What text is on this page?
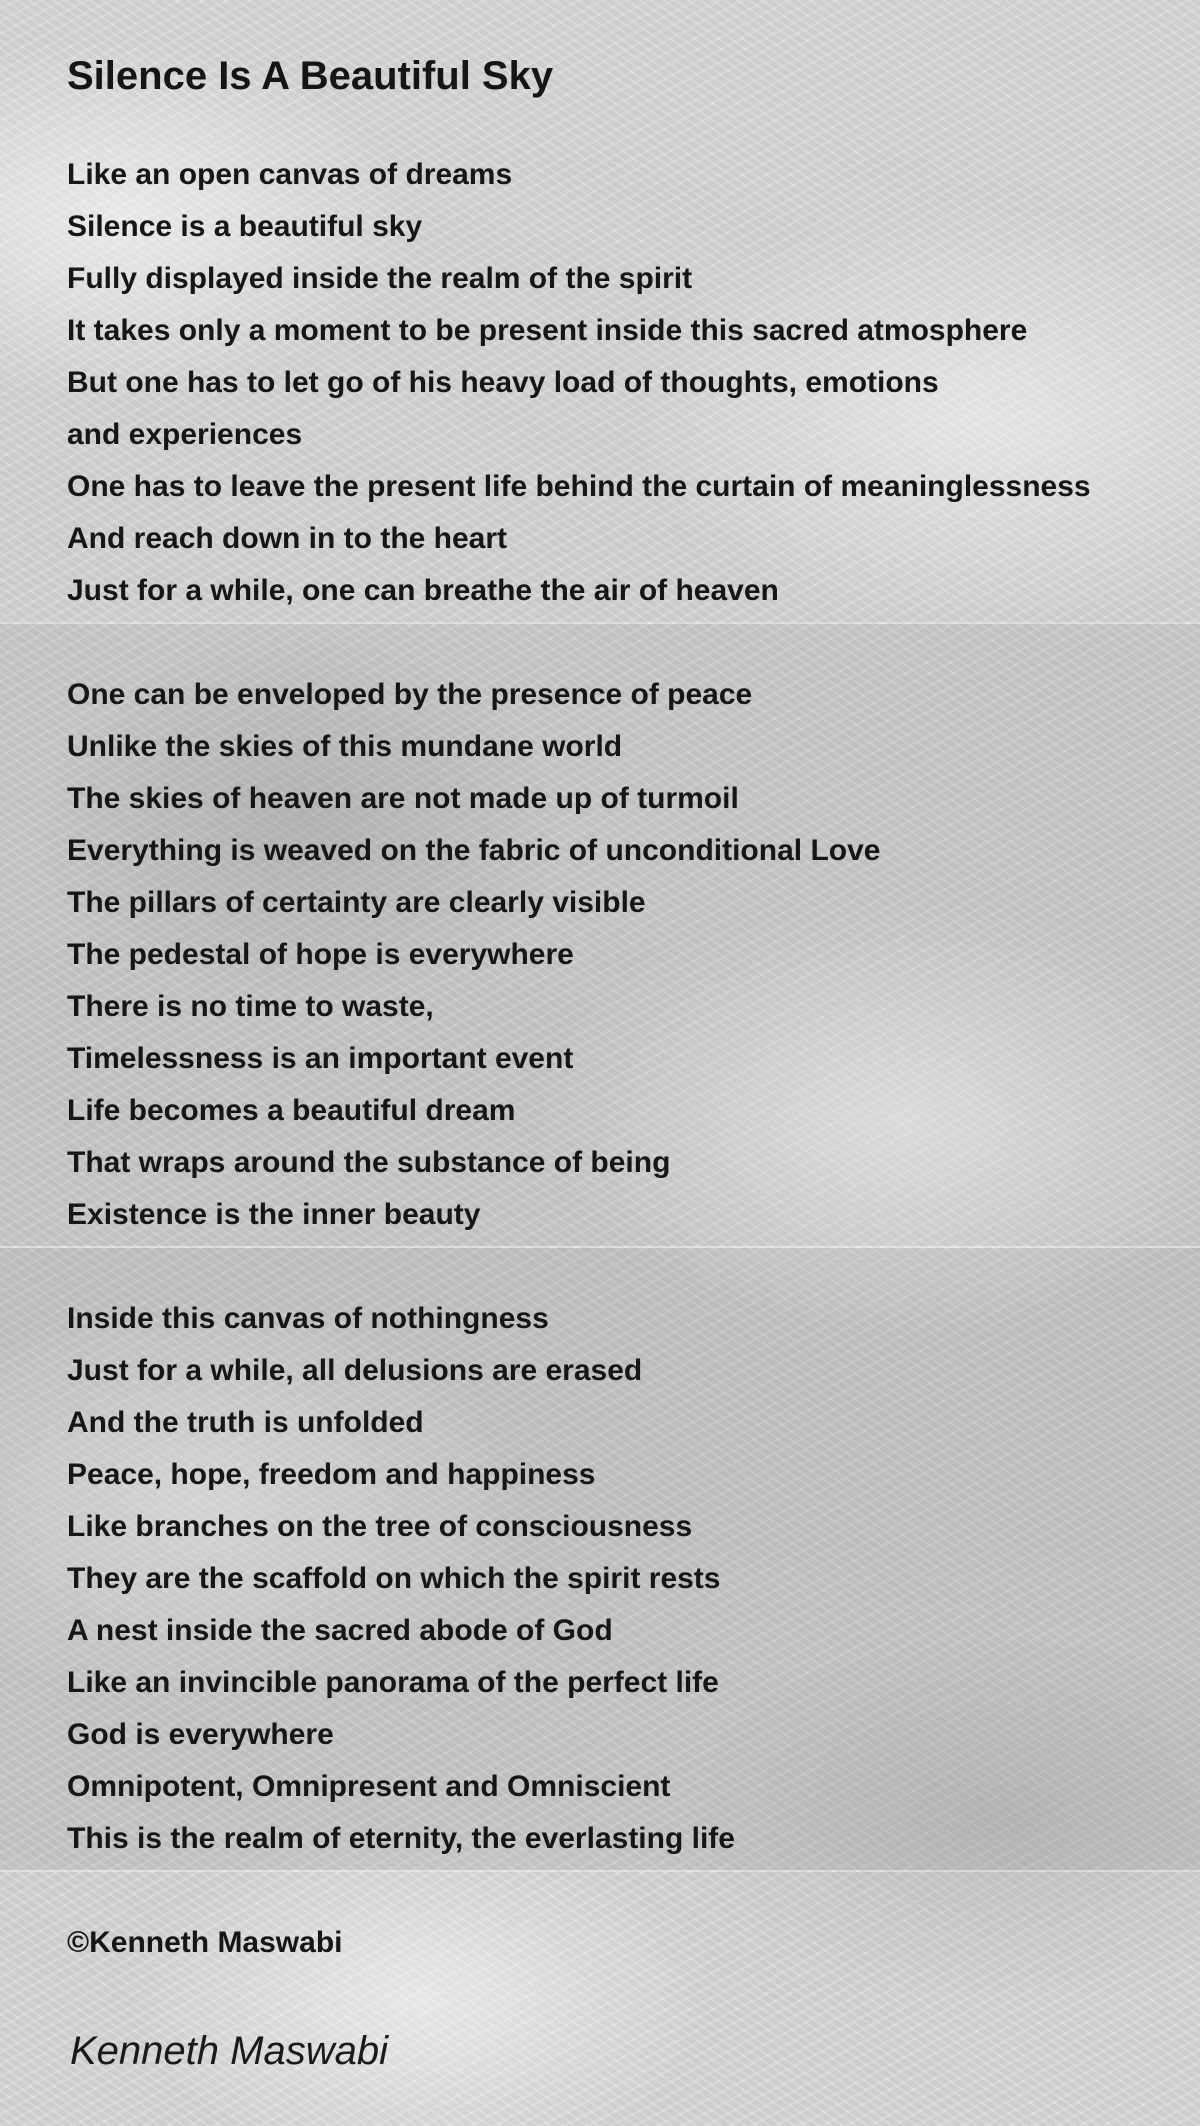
Silence Is A Beautiful Sky
Like an open canvas of dreams
Silence is a beautiful sky
Fully displayed inside the realm of the spirit
It takes only a moment to be present inside this sacred atmosphere
But one has to let go of his heavy load of thoughts, emotions
and experiences
One has to leave the present life behind the curtain of meaninglessness
And reach down in to the heart
Just for a while, one can breathe the air of heaven
One can be enveloped by the presence of peace
Unlike the skies of this mundane world
The skies of heaven are not made up of turmoil
Everything is weaved on the fabric of unconditional Love
The pillars of certainty are clearly visible
The pedestal of hope is everywhere
There is no time to waste,
Timelessness is an important event
Life becomes a beautiful dream
That wraps around the substance of being
Existence is the inner beauty
Inside this canvas of nothingness
Just for a while, all delusions are erased
And the truth is unfolded
Peace, hope, freedom and happiness
Like branches on the tree of consciousness
They are the scaffold on which the spirit rests
A nest inside the sacred abode of God
Like an invincible panorama of the perfect life
God is everywhere
Omnipotent, Omnipresent and Omniscient
This is the realm of eternity, the everlasting life

©Kenneth Maswabi

Kenneth Maswabi
